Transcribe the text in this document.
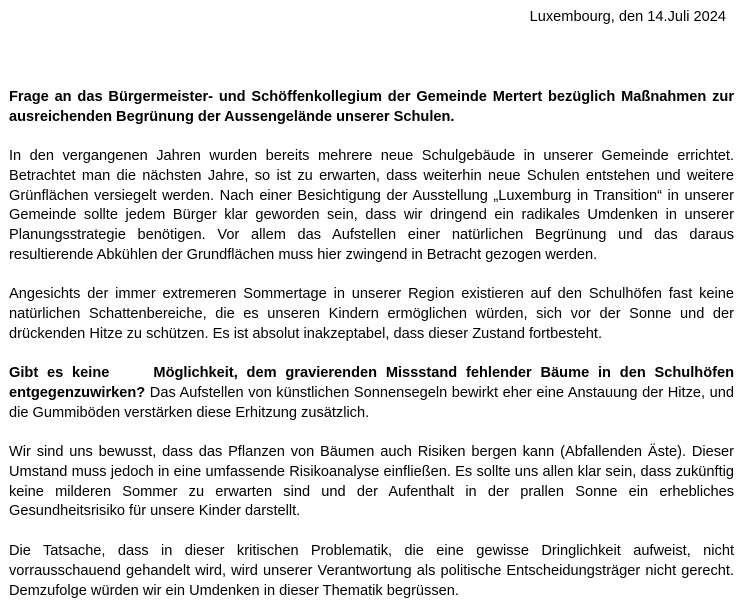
Luxembourg, den 14.Juli 2024
Frage an das Bürgermeister- und Schöffenkollegium der Gemeinde Mertert bezüglich Maßnahmen zur ausreichenden Begrünung der Aussengelände unserer Schulen.

In den vergangenen Jahren wurden bereits mehrere neue Schulgebäude in unserer Gemeinde errichtet. Betrachtet man die nächsten Jahre, so ist zu erwarten, dass weiterhin neue Schulen entstehen und weitere Grünflächen versiegelt werden. Nach einer Besichtigung der Ausstellung „Luxemburg in Transition“ in unserer Gemeinde sollte jedem Bürger klar geworden sein, dass wir dringend ein radikales Umdenken in unserer Planungsstrategie benötigen. Vor allem das Aufstellen einer natürlichen Begrünung und das daraus resultierende Abkühlen der Grundflächen muss hier zwingend in Betracht gezogen werden.

Angesichts der immer extremeren Sommertage in unserer Region existieren auf den Schulhöfen fast keine natürlichen Schattenbereiche, die es unseren Kindern ermöglichen würden, sich vor der Sonne und der drückenden Hitze zu schützen. Es ist absolut inakzeptabel, dass dieser Zustand fortbesteht.

Gibt es keine     Möglichkeit, dem gravierenden Missstand fehlender Bäume in den Schulhöfen entgegenzuwirken? Das Aufstellen von künstlichen Sonnensegeln bewirkt eher eine Anstauung der Hitze, und die Gummiböden verstärken diese Erhitzung zusätzlich.

Wir sind uns bewusst, dass das Pflanzen von Bäumen auch Risiken bergen kann (Abfallenden Äste). Dieser Umstand muss jedoch in eine umfassende Risikoanalyse einfließen. Es sollte uns allen klar sein, dass zukünftig keine milderen Sommer zu erwarten sind und der Aufenthalt in der prallen Sonne ein erhebliches Gesundheitsrisiko für unsere Kinder darstellt.

Die Tatsache, dass in dieser kritischen Problematik, die eine gewisse Dringlichkeit aufweist, nicht vorrausschauend gehandelt wird, wird unserer Verantwortung als politische Entscheidungsträger nicht gerecht. Demzufolge würden wir ein Umdenken in dieser Thematik begrüssen.
